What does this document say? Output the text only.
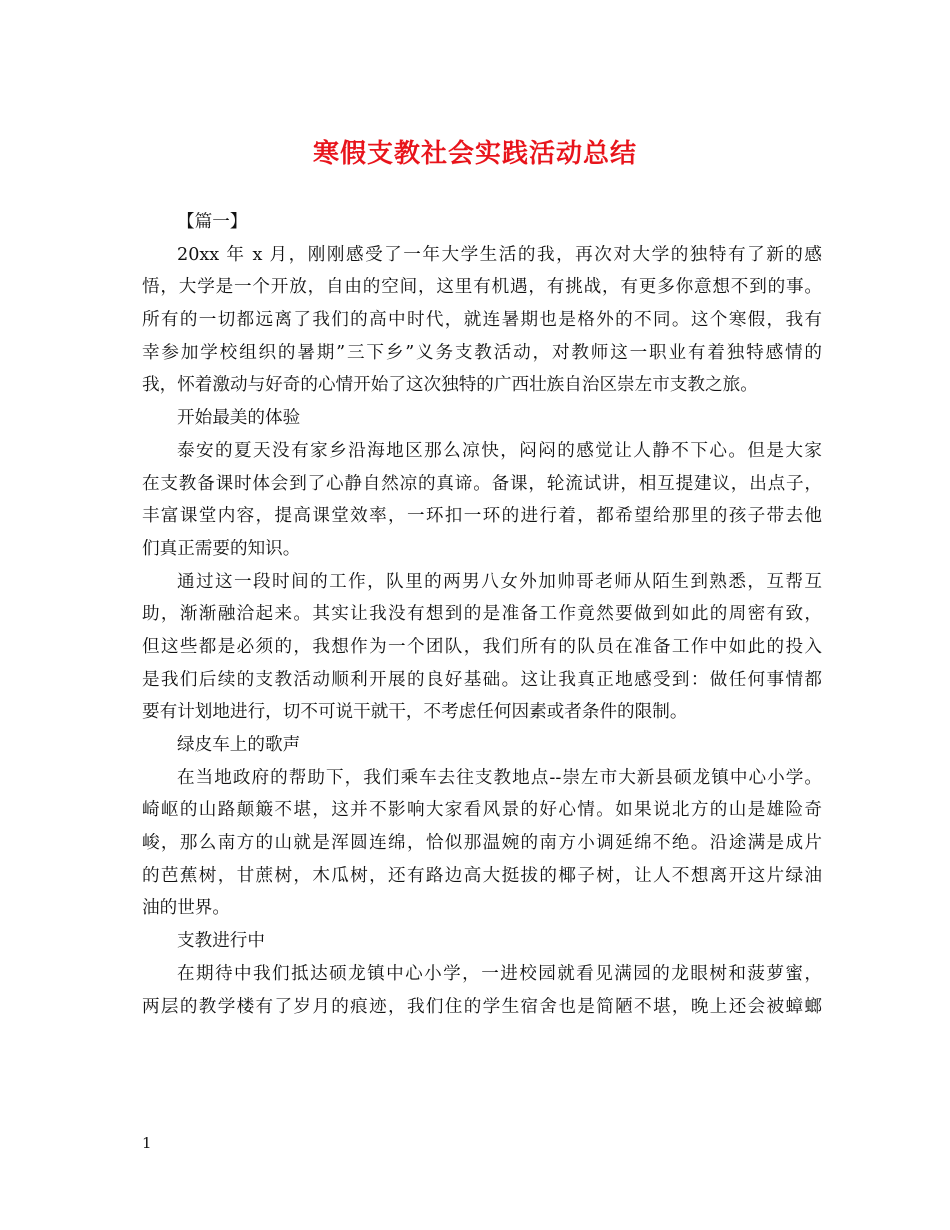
寒假支教社会实践活动总结
【篇一】
20xx 年 x 月，刚刚感受了一年大学生活的我，再次对大学的独特有了新的感
悟，大学是一个开放，自由的空间，这里有机遇，有挑战，有更多你意想不到的事。
所有的一切都远离了我们的高中时代，就连暑期也是格外的不同。这个寒假，我有
幸参加学校组织的暑期”三下乡”义务支教活动，对教师这一职业有着独特感情的
我，怀着激动与好奇的心情开始了这次独特的广西壮族自治区崇左市支教之旅。
开始最美的体验
泰安的夏天没有家乡沿海地区那么凉快，闷闷的感觉让人静不下心。但是大家
在支教备课时体会到了心静自然凉的真谛。备课，轮流试讲，相互提建议，出点子，
丰富课堂内容，提高课堂效率，一环扣一环的进行着，都希望给那里的孩子带去他
们真正需要的知识。
通过这一段时间的工作，队里的两男八女外加帅哥老师从陌生到熟悉，互帮互
助，渐渐融洽起来。其实让我没有想到的是准备工作竟然要做到如此的周密有致，
但这些都是必须的，我想作为一个团队，我们所有的队员在准备工作中如此的投入
是我们后续的支教活动顺利开展的良好基础。这让我真正地感受到：做任何事情都
要有计划地进行，切不可说干就干，不考虑任何因素或者条件的限制。
绿皮车上的歌声
在当地政府的帮助下，我们乘车去往支教地点--崇左市大新县硕龙镇中心小学。
崎岖的山路颠簸不堪，这并不影响大家看风景的好心情。如果说北方的山是雄险奇
峻，那么南方的山就是浑圆连绵，恰似那温婉的南方小调延绵不绝。沿途满是成片
的芭蕉树，甘蔗树，木瓜树，还有路边高大挺拔的椰子树，让人不想离开这片绿油
油的世界。
支教进行中
在期待中我们抵达硕龙镇中心小学，一进校园就看见满园的龙眼树和菠萝蜜，
两层的教学楼有了岁月的痕迹，我们住的学生宿舍也是简陋不堪，晚上还会被蟑螂
1
